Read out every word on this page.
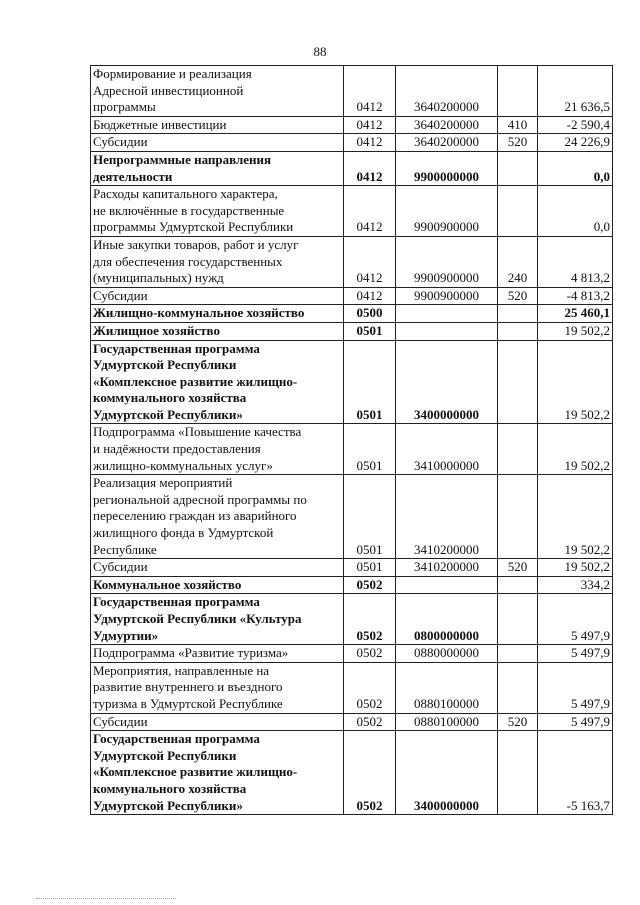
88
Формирование и реализация
Адресной инвестиционной
программы	0412	3640200000		21 636,5
Бюджетные инвестиции	0412	3640200000	410	-2 590,4
Субсидии	0412	3640200000	520	24 226,9
Непрограммные направления
деятельности	0412	9900000000		0,0
Расходы капитального характера,
не включённые в государственные
программы Удмуртской Республики	0412	9900900000		0,0
Иные закупки товаров, работ и услуг
для обеспечения государственных
(муниципальных) нужд	0412	9900900000	240	4 813,2
Субсидии	0412	9900900000	520	-4 813,2
Жилищно-коммунальное хозяйство	0500			25 460,1
Жилищное хозяйство	0501			19 502,2
Государственная программа
Удмуртской Республики
«Комплексное развитие жилищно-
коммунального хозяйства
Удмуртской Республики»	0501	3400000000		19 502,2
Подпрограмма «Повышение качества
и надёжности предоставления
жилищно-коммунальных услуг»	0501	3410000000		19 502,2
Реализация мероприятий
региональной адресной программы по
переселению граждан из аварийного
жилищного фонда в Удмуртской
Республике	0501	3410200000		19 502,2
Субсидии	0501	3410200000	520	19 502,2
Коммунальное хозяйство	0502			334,2
Государственная программа
Удмуртской Республики «Культура
Удмуртии»	0502	0800000000		5 497,9
Подпрограмма «Развитие туризма»	0502	0880000000		5 497,9
Мероприятия, направленные на
развитие внутреннего и въездного
туризма в Удмуртской Республике	0502	0880100000		5 497,9
Субсидии	0502	0880100000	520	5 497,9
Государственная программа
Удмуртской Республики
«Комплексное развитие жилищно-
коммунального хозяйства
Удмуртской Республики»	0502	3400000000		-5 163,7
